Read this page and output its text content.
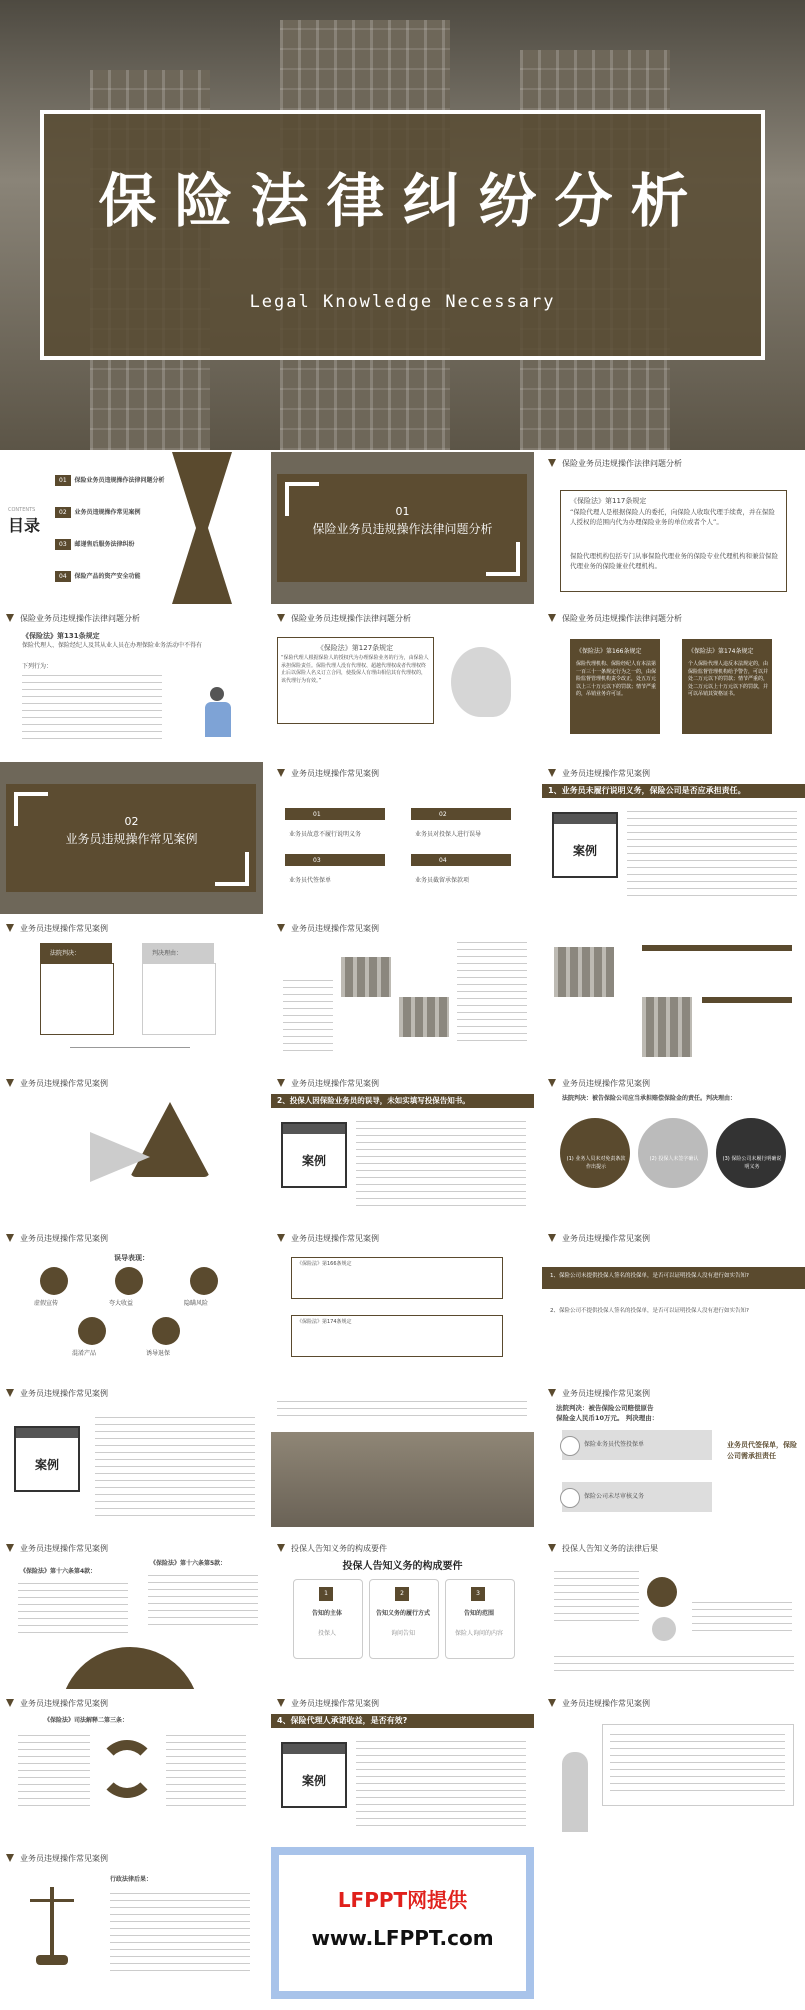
保险法律纠纷分析
Legal Knowledge Necessary
CONTENTS
目录
01 保险业务员违规操作法律问题分析
02 业务员违规操作常见案例
03 邮递售后服务法律纠纷
04 保险产品的资产安全功能
01
保险业务员违规操作法律问题分析
保险业务员违规操作法律问题分析
《保险法》第117条规定
“保险代理人是根据保险人的委托，向保险人收取代理手续费，并在保险人授权的范围内代为办理保险业务的单位或者个人”。
保险代理机构包括专门从事保险代理业务的保险专业代理机构和兼营保险代理业务的保险兼业代理机构。
保险业务员违规操作法律问题分析
《保险法》第131条规定
保险代理人、保险经纪人及其从业人员在办理保险业务活动中不得有
下列行为：
保险业务员违规操作法律问题分析
《保险法》第127条规定
“保险代理人根据保险人的授权代为办理保险业务的行为，由保险人承担保险责任。保险代理人没有代理权、超越代理权或者代理权终止后以保险人名义订立合同，使投保人有理由相信其有代理权的，该代理行为有效。”
保险业务员违规操作法律问题分析
《保险法》第166条规定
保险代理机构、保险经纪人有本法第一百三十一条规定行为之一的，由保险监督管理机构责令改正，处五万元以上三十万元以下的罚款；情节严重的，吊销业务许可证。
《保险法》第174条规定
个人保险代理人违反本法规定的，由保险监督管理机构给予警告，可以并处二万元以下的罚款；情节严重的，处二万元以上十万元以下的罚款，并可以吊销其资格证书。
02
业务员违规操作常见案例
业务员违规操作常见案例
01	02
03	04
业务员故意不履行说明义务	业务员对投保人进行误导
业务员代签保单	业务员截留承保款项
业务员违规操作常见案例
1、业务员未履行说明义务，保险公司是否应承担责任。
案例
业务员违规操作常见案例
法院判决：	判决理由：
业务员违规操作常见案例
业务员违规操作常见案例	业务员违规操作常见案例
2、投保人因保险业务员的误导，未如实填写投保告知书。
案例
业务员违规操作常见案例
法院判决：被告保险公司应当承担赔偿保险金的责任。判决理由：
(1) 业务人员未对免责条款作出提示
(2) 投保人未签字确认	(3) 保险公司未履行明确说明义务
业务员违规操作常见案例
误导表现：
虚假宣传	夸大收益	隐瞒风险
混淆产品	诱导退保
业务员违规操作常见案例
《保险法》第166条规定
《保险法》第174条规定
业务员违规操作常见案例
1、保险公司未提供投保人签名的投保单，是否可以证明投保人没有进行如实告知?
2、保险公司不提供投保人签名的投保单，是否可以证明投保人没有进行如实告知?
业务员违规操作常见案例
案例
业务员违规操作常见案例
法院判决：被告保险公司赔偿原告
保险金人民币10万元。 判决理由：
保险业务员代签投保单
保险公司未尽审核义务
业务员代签保单，保险公司需承担责任
业务员违规操作常见案例
《保险法》第十六条第4款：
《保险法》第十六条第5款：
投保人告知义务的构成要件
投保人告知义务的构成要件
1	2	3
告知的主体	告知义务的履行方式	告知的范围
投保人	询问告知	保险人询问的内容
投保人告知义务的法律后果
业务员违规操作常见案例
《保险法》司法解释二第三条：
业务员违规操作常见案例
4、保险代理人承诺收益，是否有效?
案例
业务员违规操作常见案例
业务员违规操作常见案例
行政法律后果：
LFPPT网提供
www.LFPPT.com
